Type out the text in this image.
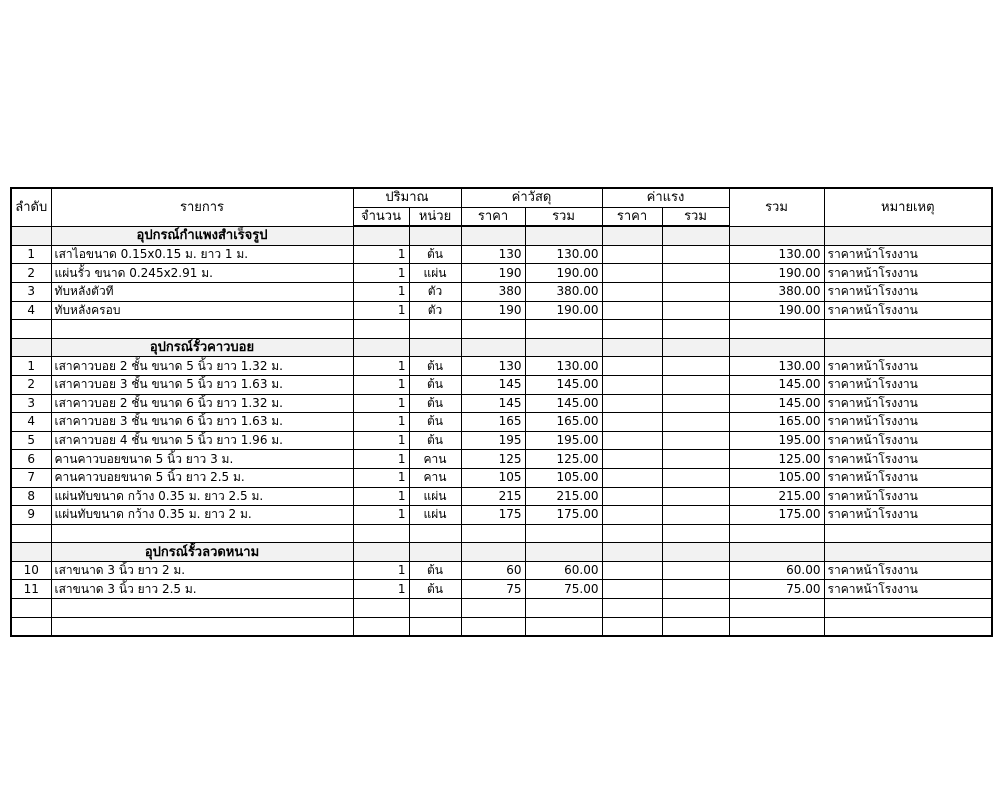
ลำดับ	รายการ	ปริมาณ		ค่าวัสดุ		ค่าแรง		รวม	หมายเหตุ
		จำนวน	หน่วย	ราคา	รวม	ราคา	รวม		
	อุปกรณ์กำแพงสำเร็จรูป								
1	เสาไอขนาด 0.15x0.15 ม. ยาว 1 ม.	1	ต้น	130	130.00			130.00	ราคาหน้าโรงงาน
2	แผ่นรั้ว ขนาด 0.245x2.91 ม.	1	แผ่น	190	190.00			190.00	ราคาหน้าโรงงาน
3	ทับหลังตัวที	1	ตัว	380	380.00			380.00	ราคาหน้าโรงงาน
4	ทับหลังครอบ	1	ตัว	190	190.00			190.00	ราคาหน้าโรงงาน

	อุปกรณ์รั้วคาวบอย								
1	เสาคาวบอย 2 ชั้น ขนาด 5 นิ้ว ยาว 1.32 ม.	1	ต้น	130	130.00			130.00	ราคาหน้าโรงงาน
2	เสาคาวบอย 3 ชั้น ขนาด 5 นิ้ว ยาว 1.63 ม.	1	ต้น	145	145.00			145.00	ราคาหน้าโรงงาน
3	เสาคาวบอย 2 ชั้น ขนาด 6 นิ้ว ยาว 1.32 ม.	1	ต้น	145	145.00			145.00	ราคาหน้าโรงงาน
4	เสาคาวบอย 3 ชั้น ขนาด 6 นิ้ว ยาว 1.63 ม.	1	ต้น	165	165.00			165.00	ราคาหน้าโรงงาน
5	เสาคาวบอย 4 ชั้น ขนาด 5 นิ้ว ยาว 1.96 ม.	1	ต้น	195	195.00			195.00	ราคาหน้าโรงงาน
6	คานคาวบอยขนาด 5 นิ้ว ยาว 3 ม.	1	คาน	125	125.00			125.00	ราคาหน้าโรงงาน
7	คานคาวบอยขนาด 5 นิ้ว ยาว 2.5 ม.	1	คาน	105	105.00			105.00	ราคาหน้าโรงงาน
8	แผ่นทับขนาด กว้าง 0.35 ม. ยาว 2.5 ม.	1	แผ่น	215	215.00			215.00	ราคาหน้าโรงงาน
9	แผ่นทับขนาด กว้าง 0.35 ม. ยาว 2 ม.	1	แผ่น	175	175.00			175.00	ราคาหน้าโรงงาน

	อุปกรณ์รั้วลวดหนาม								
10	เสาขนาด 3 นิ้ว ยาว 2 ม.	1	ต้น	60	60.00			60.00	ราคาหน้าโรงงาน
11	เสาขนาด 3 นิ้ว ยาว 2.5 ม.	1	ต้น	75	75.00			75.00	ราคาหน้าโรงงาน
